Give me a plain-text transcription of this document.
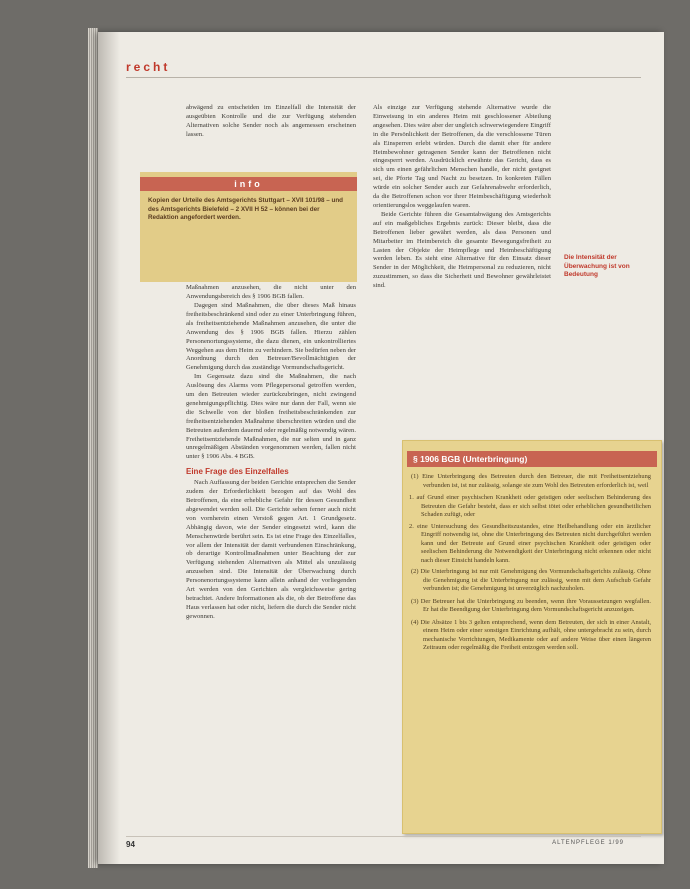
recht

abwägend zu entscheiden im Einzelfall die Intensität der ausgeübten Kontrolle und die zur Verfügung stehenden Alternativen solche Sender noch als angemessen erscheinen lassen.

Maßnahmen anzusehen, die nicht unter den Anwendungsbereich des § 1906 BGB fallen.

Dagegen sind Maßnahmen, die über dieses Maß hinaus freiheitsbeschränkend sind oder zu einer Unterbringung führen, als freiheitsentziehende Maßnahmen anzusehen, die unter die Anwendung des § 1906 BGB fallen. Hierzu zählen Personenortungssysteme, die dazu dienen, ein unkontrolliertes Weggehen aus dem Heim zu verhindern. Sie bedürfen neben der Anordnung durch den Betreuer/Bevollmächtigten der Genehmigung durch das zuständige Vormundschaftsgericht.

Im Gegensatz dazu sind die Maßnahmen, die nach Auslösung des Alarms vom Pflegepersonal getroffen werden, um den Betreuten wieder zurückzubringen, nicht zwingend genehmigungspflichtig. Dies wäre nur dann der Fall, wenn sie die Schwelle von der bloßen freiheitsbeschränkenden zur freiheitsentziehenden Maßnahme überschreiten würden und die Betreuten außerdem dauernd oder regelmäßig notwendig wären. Freiheitsentziehende Maßnahmen, die nur selten und in ganz unregelmäßigen Abständen vorgenommen werden, fallen nicht unter § 1906 Abs. 4 BGB.

Eine Frage des Einzelfalles

Nach Auffassung der beiden Gerichte entsprechen die Sender zudem der Erforderlichkeit bezogen auf das Wohl des Betroffenen, da eine erhebliche Gefahr für dessen Gesundheit abgewendet werden soll. Die Gerichte sehen ferner auch nicht von vornherein einen Verstoß gegen Art. 1 Grundgesetz. Abhängig davon, wie der Sender eingesetzt wird, kann die Menschenwürde berührt sein. Es ist eine Frage des Einzelfalles, vor allem der Intensität der damit verbundenen Einschränkung, ob derartige Kontrollmaßnahmen unter Beachtung der zur Verfügung stehenden Alternativen als Mittel als unzulässig anzusehen sind. Die Intensität der Überwachung durch Personenortungssysteme kann allein anhand der vorliegenden Art werden von den Gerichten als vergleichsweise gering betrachtet. Andere Informationen als die, ob der Betroffene das Haus verlassen hat oder nicht, liefern die durch die Sender nicht gewonnen.

info
Kopien der Urteile des Amtsgerichts Stuttgart – XVII 101/98 – und des Amtsgerichts Bielefeld – 2 XVII H 52 – können bei der Redaktion angefordert werden.

Als einzige zur Verfügung stehende Alternative wurde die Einweisung in ein anderes Heim mit geschlossener Abteilung angesehen. Dies wäre aber der ungleich schwerwiegendere Eingriff in die Persönlichkeit der Betroffenen, da die verschlossene Türen als Einsperren erlebt würden. Durch die damit eher für andere Heimbewohner getragenen Sender kann der Betroffenen nicht eingesperrt werden. Ausdrücklich erwähnte das Gericht, dass es sich um einen gefährlichen Menschen handle, der nicht geeignet sei, die Pforte Tag und Nacht zu besetzen. In konkreten Fällen würde ein solcher Sender auch zur Gefahrenabwehr erforderlich, da die Betroffenen schon vor ihrer Heimbeschäftigung wiederholt orientierungslos weggelaufen waren.

Beide Gerichte führen die Gesamtabwägung des Amtsgerichts auf ein maßgebliches Ergebnis zurück: Dieser bleibt, dass die Betroffenen lieber gewährt werden, als dass Personen und Mitarbeiter im Heimbereich die gesamte Bewegungsfreiheit zu Lasten der Objekte der Heimpflege und Heimbeschäftigung werden leben. Es sieht eine Alternative für den Einsatz dieser Sender in der Möglichkeit, die Heimpersonal zu reduzieren, nicht zuzustimmen, so dass die Sicherheit und Bewohner gewährleistet sind.

Die Intensität der Überwachung ist von Bedeutung
§ 1906 BGB (Unterbringung)
(1) Eine Unterbringung des Betreuten durch den Betreuer, die mit Freiheitsentziehung verbunden ist, ist nur zulässig, solange sie zum Wohl des Betreuten erforderlich ist, weil
1. auf Grund einer psychischen Krankheit oder geistigen oder seelischen Behinderung des Betreuten die Gefahr besteht, dass er sich selbst tötet oder erheblichen gesundheitlichen Schaden zufügt, oder
2. eine Untersuchung des Gesundheitszustandes, eine Heilbehandlung oder ein ärztlicher Eingriff notwendig ist, ohne die Unterbringung des Betreuten nicht durchgeführt werden kann und der Betreute auf Grund einer psychischen Krankheit oder geistigen oder seelischen Behinderung die Notwendigkeit der Unterbringung nicht erkennen oder nicht nach dieser Einsicht handeln kann.
(2) Die Unterbringung ist nur mit Genehmigung des Vormundschaftsgerichts zulässig. Ohne die Genehmigung ist die Unterbringung nur zulässig, wenn mit dem Aufschub Gefahr verbunden ist; die Genehmigung ist unverzüglich nachzuholen.
(3) Der Betreuer hat die Unterbringung zu beenden, wenn ihre Voraussetzungen wegfallen. Er hat die Beendigung der Unterbringung dem Vormundschaftsgericht anzuzeigen.
(4) Die Absätze 1 bis 3 gelten entsprechend, wenn dem Betreuten, der sich in einer Anstalt, einem Heim oder einer sonstigen Einrichtung aufhält, ohne untergebracht zu sein, durch mechanische Vorrichtungen, Medikamente oder auf andere Weise über einen längeren Zeitraum oder regelmäßig die Freiheit entzogen werden soll.
94	ALTENPFLEGE 1/99
